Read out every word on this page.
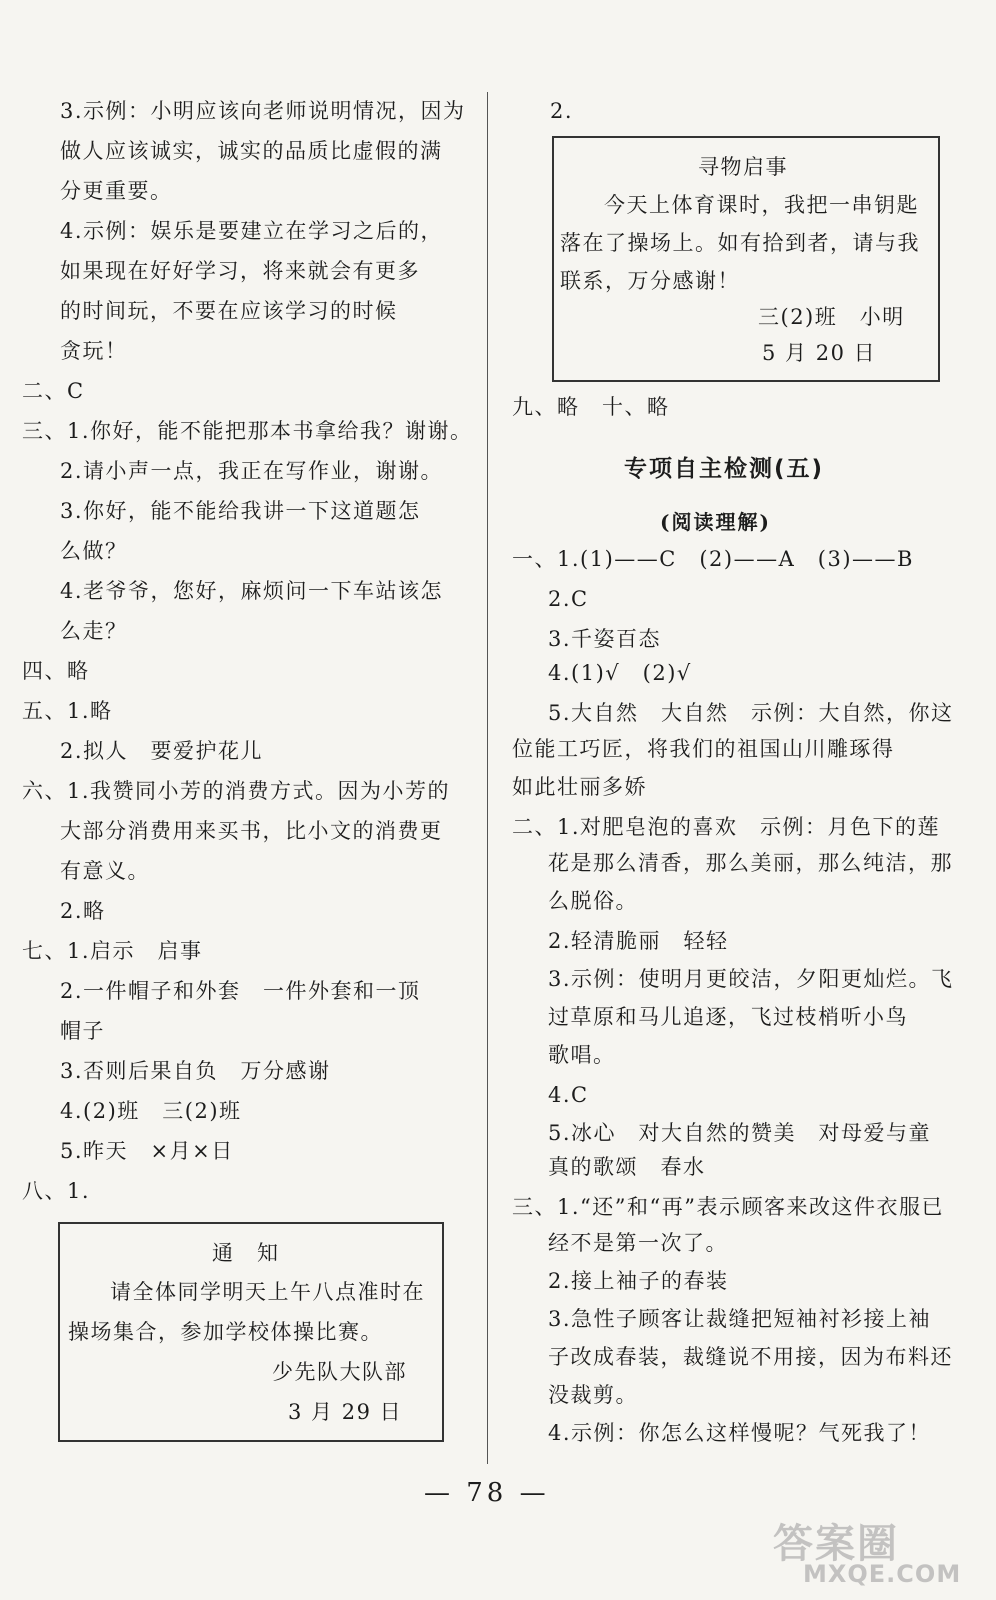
3.示例：小明应该向老师说明情况，因为
做人应该诚实，诚实的品质比虚假的满
分更重要。
4.示例：娱乐是要建立在学习之后的，
如果现在好好学习，将来就会有更多
的时间玩，不要在应该学习的时候
贪玩！
二、C
三、1.你好，能不能把那本书拿给我？谢谢。
2.请小声一点，我正在写作业，谢谢。
3.你好，能不能给我讲一下这道题怎
么做？
4.老爷爷，您好，麻烦问一下车站该怎
么走？
四、略
五、1.略
2.拟人　要爱护花儿
六、1.我赞同小芳的消费方式。因为小芳的
大部分消费用来买书，比小文的消费更
有意义。
2.略
七、1.启示　启事
2.一件帽子和外套　一件外套和一顶
帽子
3.否则后果自负　万分感谢
4.(2)班　三(2)班
5.昨天　×月×日
八、1.
通　知
请全体同学明天上午八点准时在
操场集合，参加学校体操比赛。
少先队大队部
3 月 29 日
2.
寻物启事
今天上体育课时，我把一串钥匙
落在了操场上。如有拾到者，请与我
联系，万分感谢！
三(2)班　小明
5 月 20 日
九、略　十、略
专项自主检测(五)
(阅读理解)
一、1.(1)——C　(2)——A　(3)——B
2.C
3.千姿百态
4.(1)√　(2)√
5.大自然　大自然　示例：大自然，你这
位能工巧匠，将我们的祖国山川雕琢得
如此壮丽多娇
二、1.对肥皂泡的喜欢　示例：月色下的莲
花是那么清香，那么美丽，那么纯洁，那
么脱俗。
2.轻清脆丽　轻轻
3.示例：使明月更皎洁，夕阳更灿烂。飞
过草原和马儿追逐，飞过枝梢听小鸟
歌唱。
4.C
5.冰心　对大自然的赞美　对母爱与童
真的歌颂　春水
三、1.“还”和“再”表示顾客来改这件衣服已
经不是第一次了。
2.接上袖子的春装
3.急性子顾客让裁缝把短袖衬衫接上袖
子改成春装，裁缝说不用接，因为布料还
没裁剪。
4.示例：你怎么这样慢呢？气死我了！
— 78 —
答案圈
MXQE.COM
